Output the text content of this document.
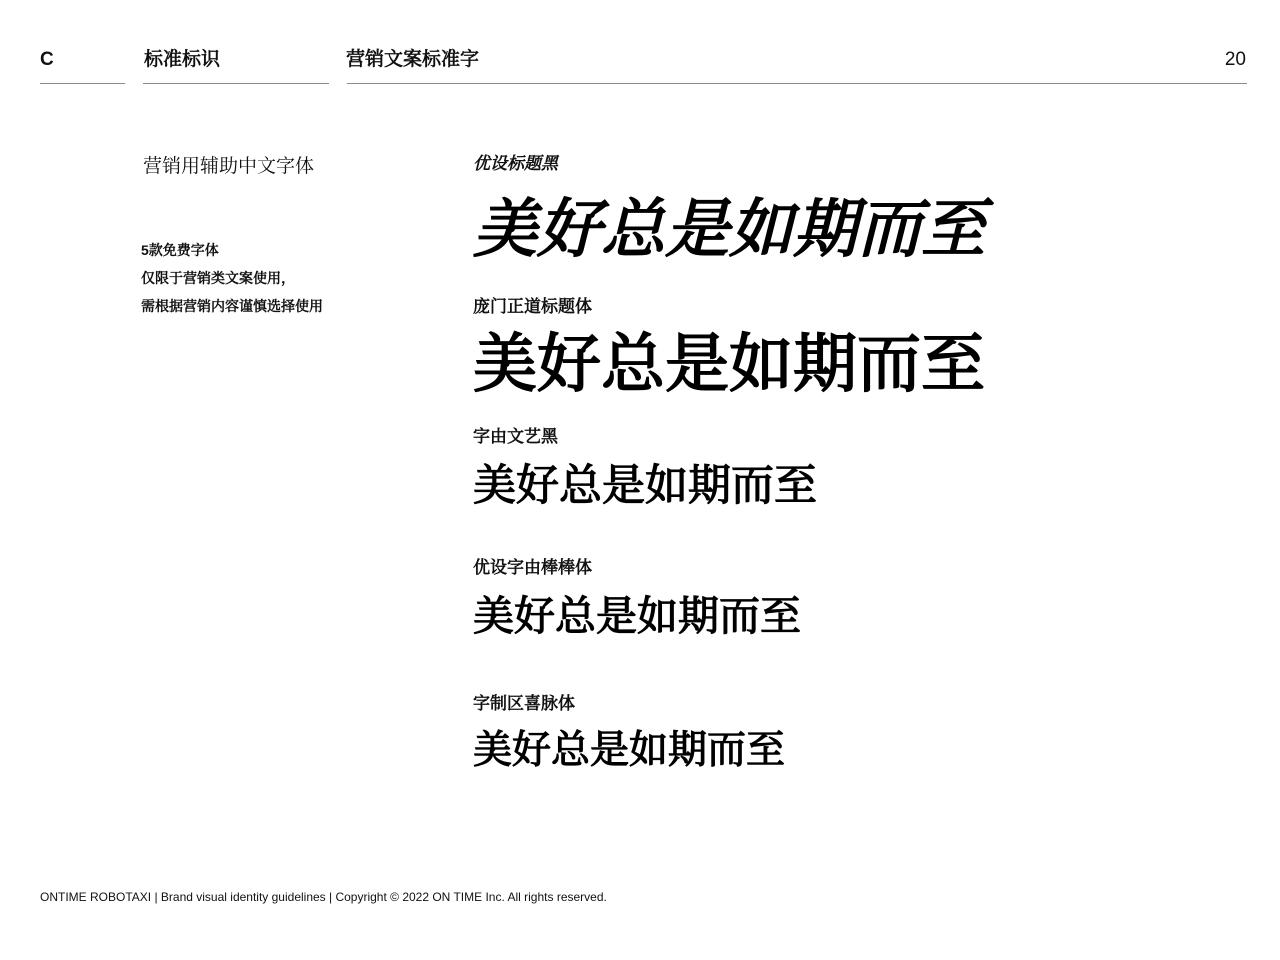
C	标准标识	营销文案标准字	20
营销用辅助中文字体
5款免费字体
仅限于营销类文案使用，
需根据营销内容谨慎选择使用
优设标题黑
美好总是如期而至
庞门正道标题体
美好总是如期而至
字由文艺黑
美好总是如期而至
优设字由棒棒体
美好总是如期而至
字制区喜脉体
美好总是如期而至
ONTIME ROBOTAXI | Brand visual identity guidelines | Copyright © 2022 ON TIME Inc. All rights reserved.
